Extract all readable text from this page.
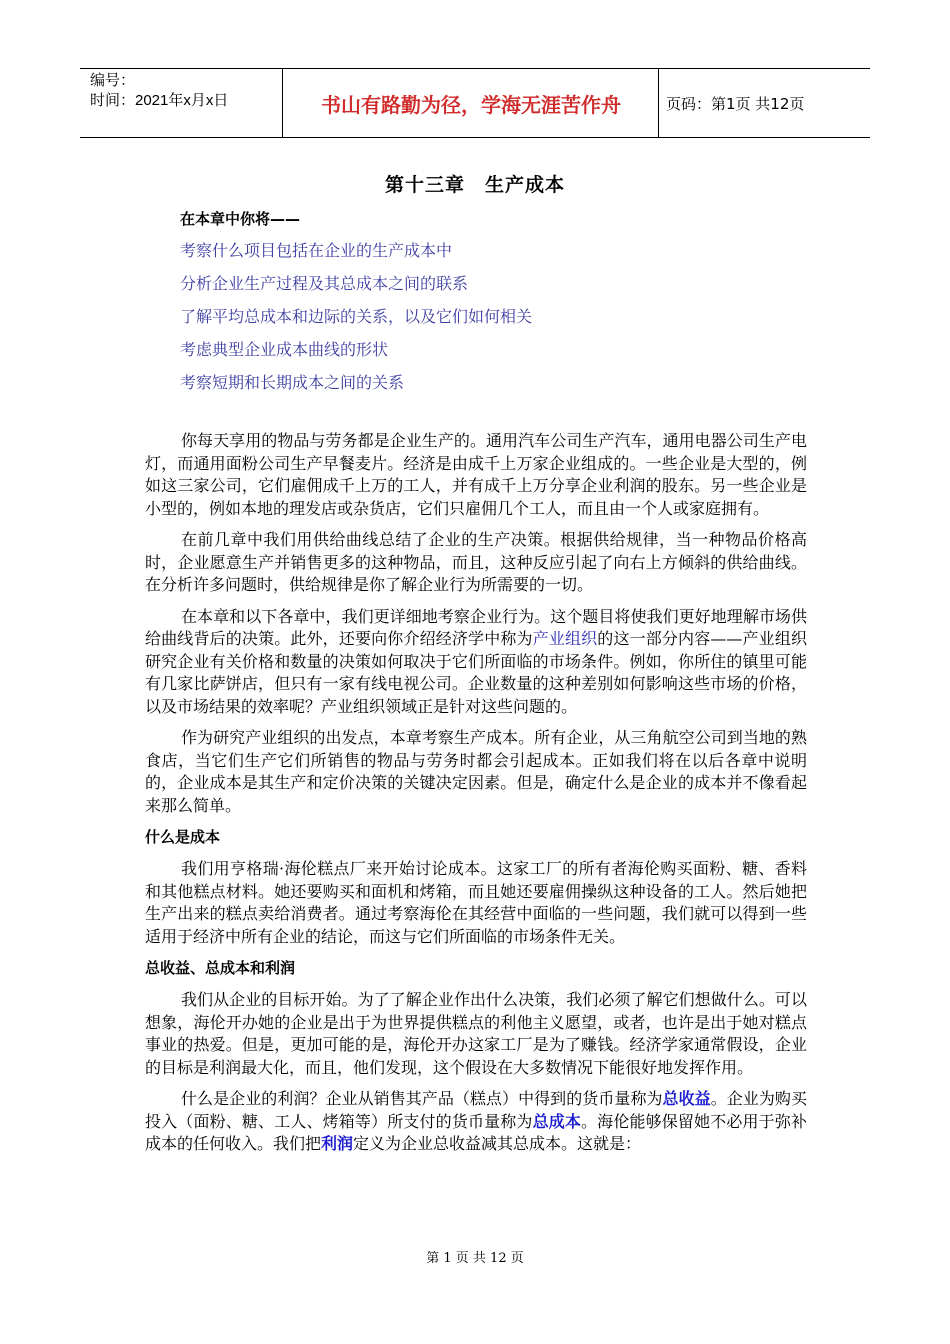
编号：
时间：2021年x月x日	书山有路勤为径，学海无涯苦作舟	页码：第1页 共12页
第十三章　生产成本
在本章中你将——
考察什么项目包括在企业的生产成本中
分析企业生产过程及其总成本之间的联系
了解平均总成本和边际的关系，以及它们如何相关
考虑典型企业成本曲线的形状
考察短期和长期成本之间的关系

你每天享用的物品与劳务都是企业生产的。通用汽车公司生产汽车，通用电器公司生产电灯，而通用面粉公司生产早餐麦片。经济是由成千上万家企业组成的。一些企业是大型的，例如这三家公司，它们雇佣成千上万的工人，并有成千上万分享企业利润的股东。另一些企业是小型的，例如本地的理发店或杂货店，它们只雇佣几个工人，而且由一个人或家庭拥有。

在前几章中我们用供给曲线总结了企业的生产决策。根据供给规律，当一种物品价格高时，企业愿意生产并销售更多的这种物品，而且，这种反应引起了向右上方倾斜的供给曲线。在分析许多问题时，供给规律是你了解企业行为所需要的一切。

在本章和以下各章中，我们更详细地考察企业行为。这个题目将使我们更好地理解市场供给曲线背后的决策。此外，还要向你介绍经济学中称为产业组织的这一部分内容——产业组织研究企业有关价格和数量的决策如何取决于它们所面临的市场条件。例如，你所住的镇里可能有几家比萨饼店，但只有一家有线电视公司。企业数量的这种差别如何影响这些市场的价格，以及市场结果的效率呢？产业组织领域正是针对这些问题的。

作为研究产业组织的出发点，本章考察生产成本。所有企业，从三角航空公司到当地的熟食店，当它们生产它们所销售的物品与劳务时都会引起成本。正如我们将在以后各章中说明的，企业成本是其生产和定价决策的关键决定因素。但是，确定什么是企业的成本并不像看起来那么简单。

什么是成本

我们用亨格瑞·海伦糕点厂来开始讨论成本。这家工厂的所有者海伦购买面粉、糖、香料和其他糕点材料。她还要购买和面机和烤箱，而且她还要雇佣操纵这种设备的工人。然后她把生产出来的糕点卖给消费者。通过考察海伦在其经营中面临的一些问题，我们就可以得到一些适用于经济中所有企业的结论，而这与它们所面临的市场条件无关。

总收益、总成本和利润

我们从企业的目标开始。为了了解企业作出什么决策，我们必须了解它们想做什么。可以想象，海伦开办她的企业是出于为世界提供糕点的利他主义愿望，或者，也许是出于她对糕点事业的热爱。但是，更加可能的是，海伦开办这家工厂是为了赚钱。经济学家通常假设，企业的目标是利润最大化，而且，他们发现，这个假设在大多数情况下能很好地发挥作用。

什么是企业的利润？企业从销售其产品（糕点）中得到的货币量称为总收益。企业为购买投入（面粉、糖、工人、烤箱等）所支付的货币量称为总成本。海伦能够保留她不必用于弥补成本的任何收入。我们把利润定义为企业总收益减其总成本。这就是：

第 1 页 共 12 页
